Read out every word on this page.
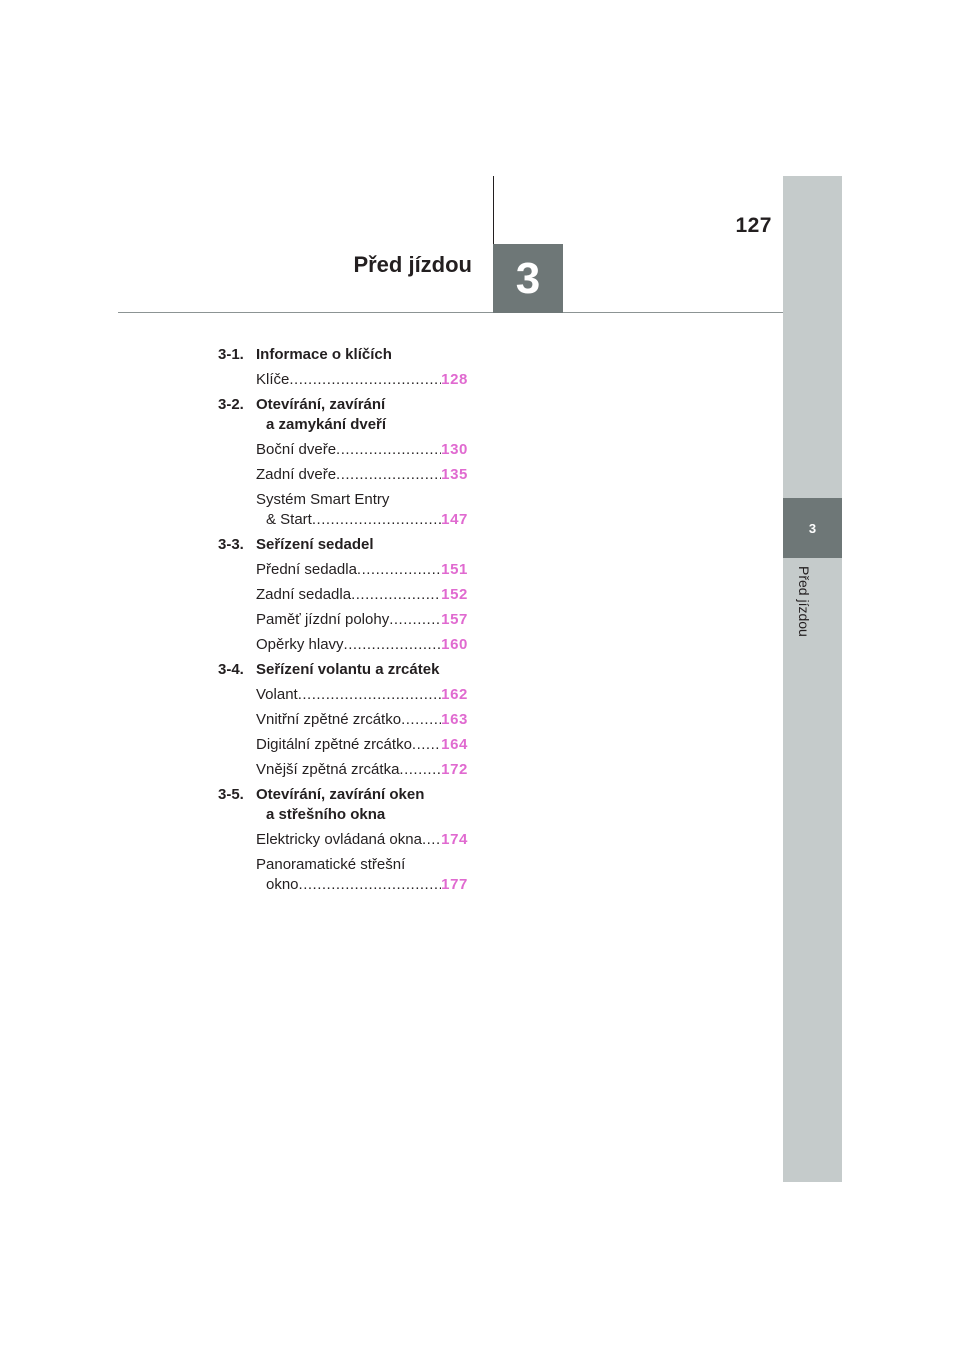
127
Před jízdou 3
3
Před jízdou
3-1. Informace o klíčích
Klíče .....	128
3-2. Otevírání, zavírání
a zamykání dveří
Boční dveře .....	130
Zadní dveře .....	135
Systém Smart Entry
& Start .....	147
3-3. Seřízení sedadel
Přední sedadla .....	151
Zadní sedadla .....	152
Paměť jízdní polohy .....	157
Opěrky hlavy .....	160
3-4. Seřízení volantu a zrcátek
Volant .....	162
Vnitřní zpětné zrcátko .....	163
Digitální zpětné zrcátko ..... 164
Vnější zpětná zrcátka .....	172
3-5. Otevírání, zavírání oken
a střešního okna
Elektricky ovládaná okna ..... 174
Panoramatické střešní
okno .....	177
